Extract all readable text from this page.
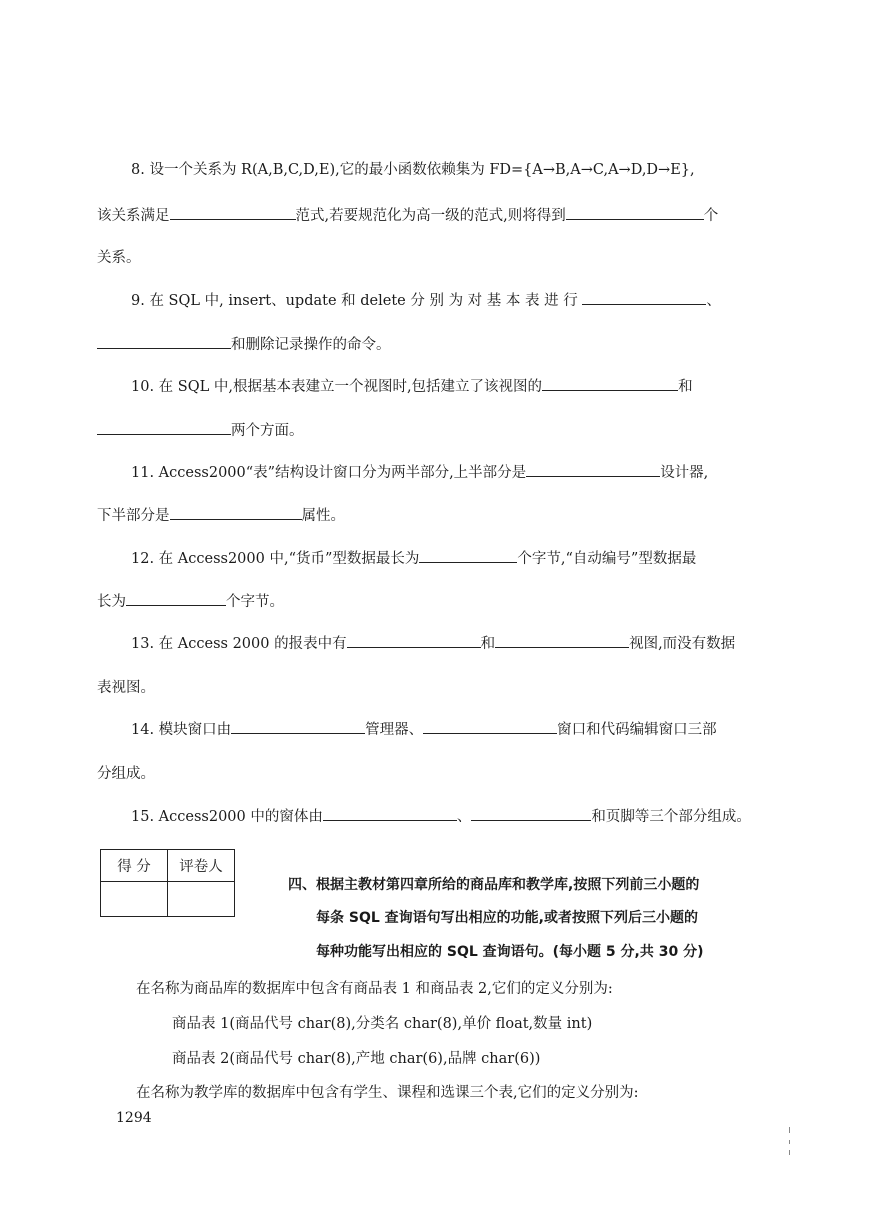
8. 设一个关系为 R(A,B,C,D,E),它的最小函数依赖集为 FD={A→B,A→C,A→D,D→E},
该关系满足	范式,若要规范化为高一级的范式,则将得到	个
关系。
9. 在 SQL 中, insert、update 和 delete 分 别 为 对 基 本 表 进 行	、
和删除记录操作的命令。
10. 在 SQL 中,根据基本表建立一个视图时,包括建立了该视图的	和
两个方面。
11. Access2000“表”结构设计窗口分为两半部分,上半部分是	设计器,
下半部分是	属性。
12. 在 Access2000 中,“货币”型数据最长为	个字节,“自动编号”型数据最
长为	个字节。
13. 在 Access 2000 的报表中有	和	视图,而没有数据
表视图。
14. 模块窗口由	管理器、	窗口和代码编辑窗口三部
分组成。
15. Access2000 中的窗体由	、	和页脚等三个部分组成。
得 分	评卷人

四、根据主教材第四章所给的商品库和教学库,按照下列前三小题的
每条 SQL 查询语句写出相应的功能,或者按照下列后三小题的
每种功能写出相应的 SQL 查询语句。(每小题 5 分,共 30 分)
在名称为商品库的数据库中包含有商品表 1 和商品表 2,它们的定义分别为:
商品表 1(商品代号 char(8),分类名 char(8),单价 float,数量 int)
商品表 2(商品代号 char(8),产地 char(6),品牌 char(6))
在名称为教学库的数据库中包含有学生、课程和选课三个表,它们的定义分别为:
1294
